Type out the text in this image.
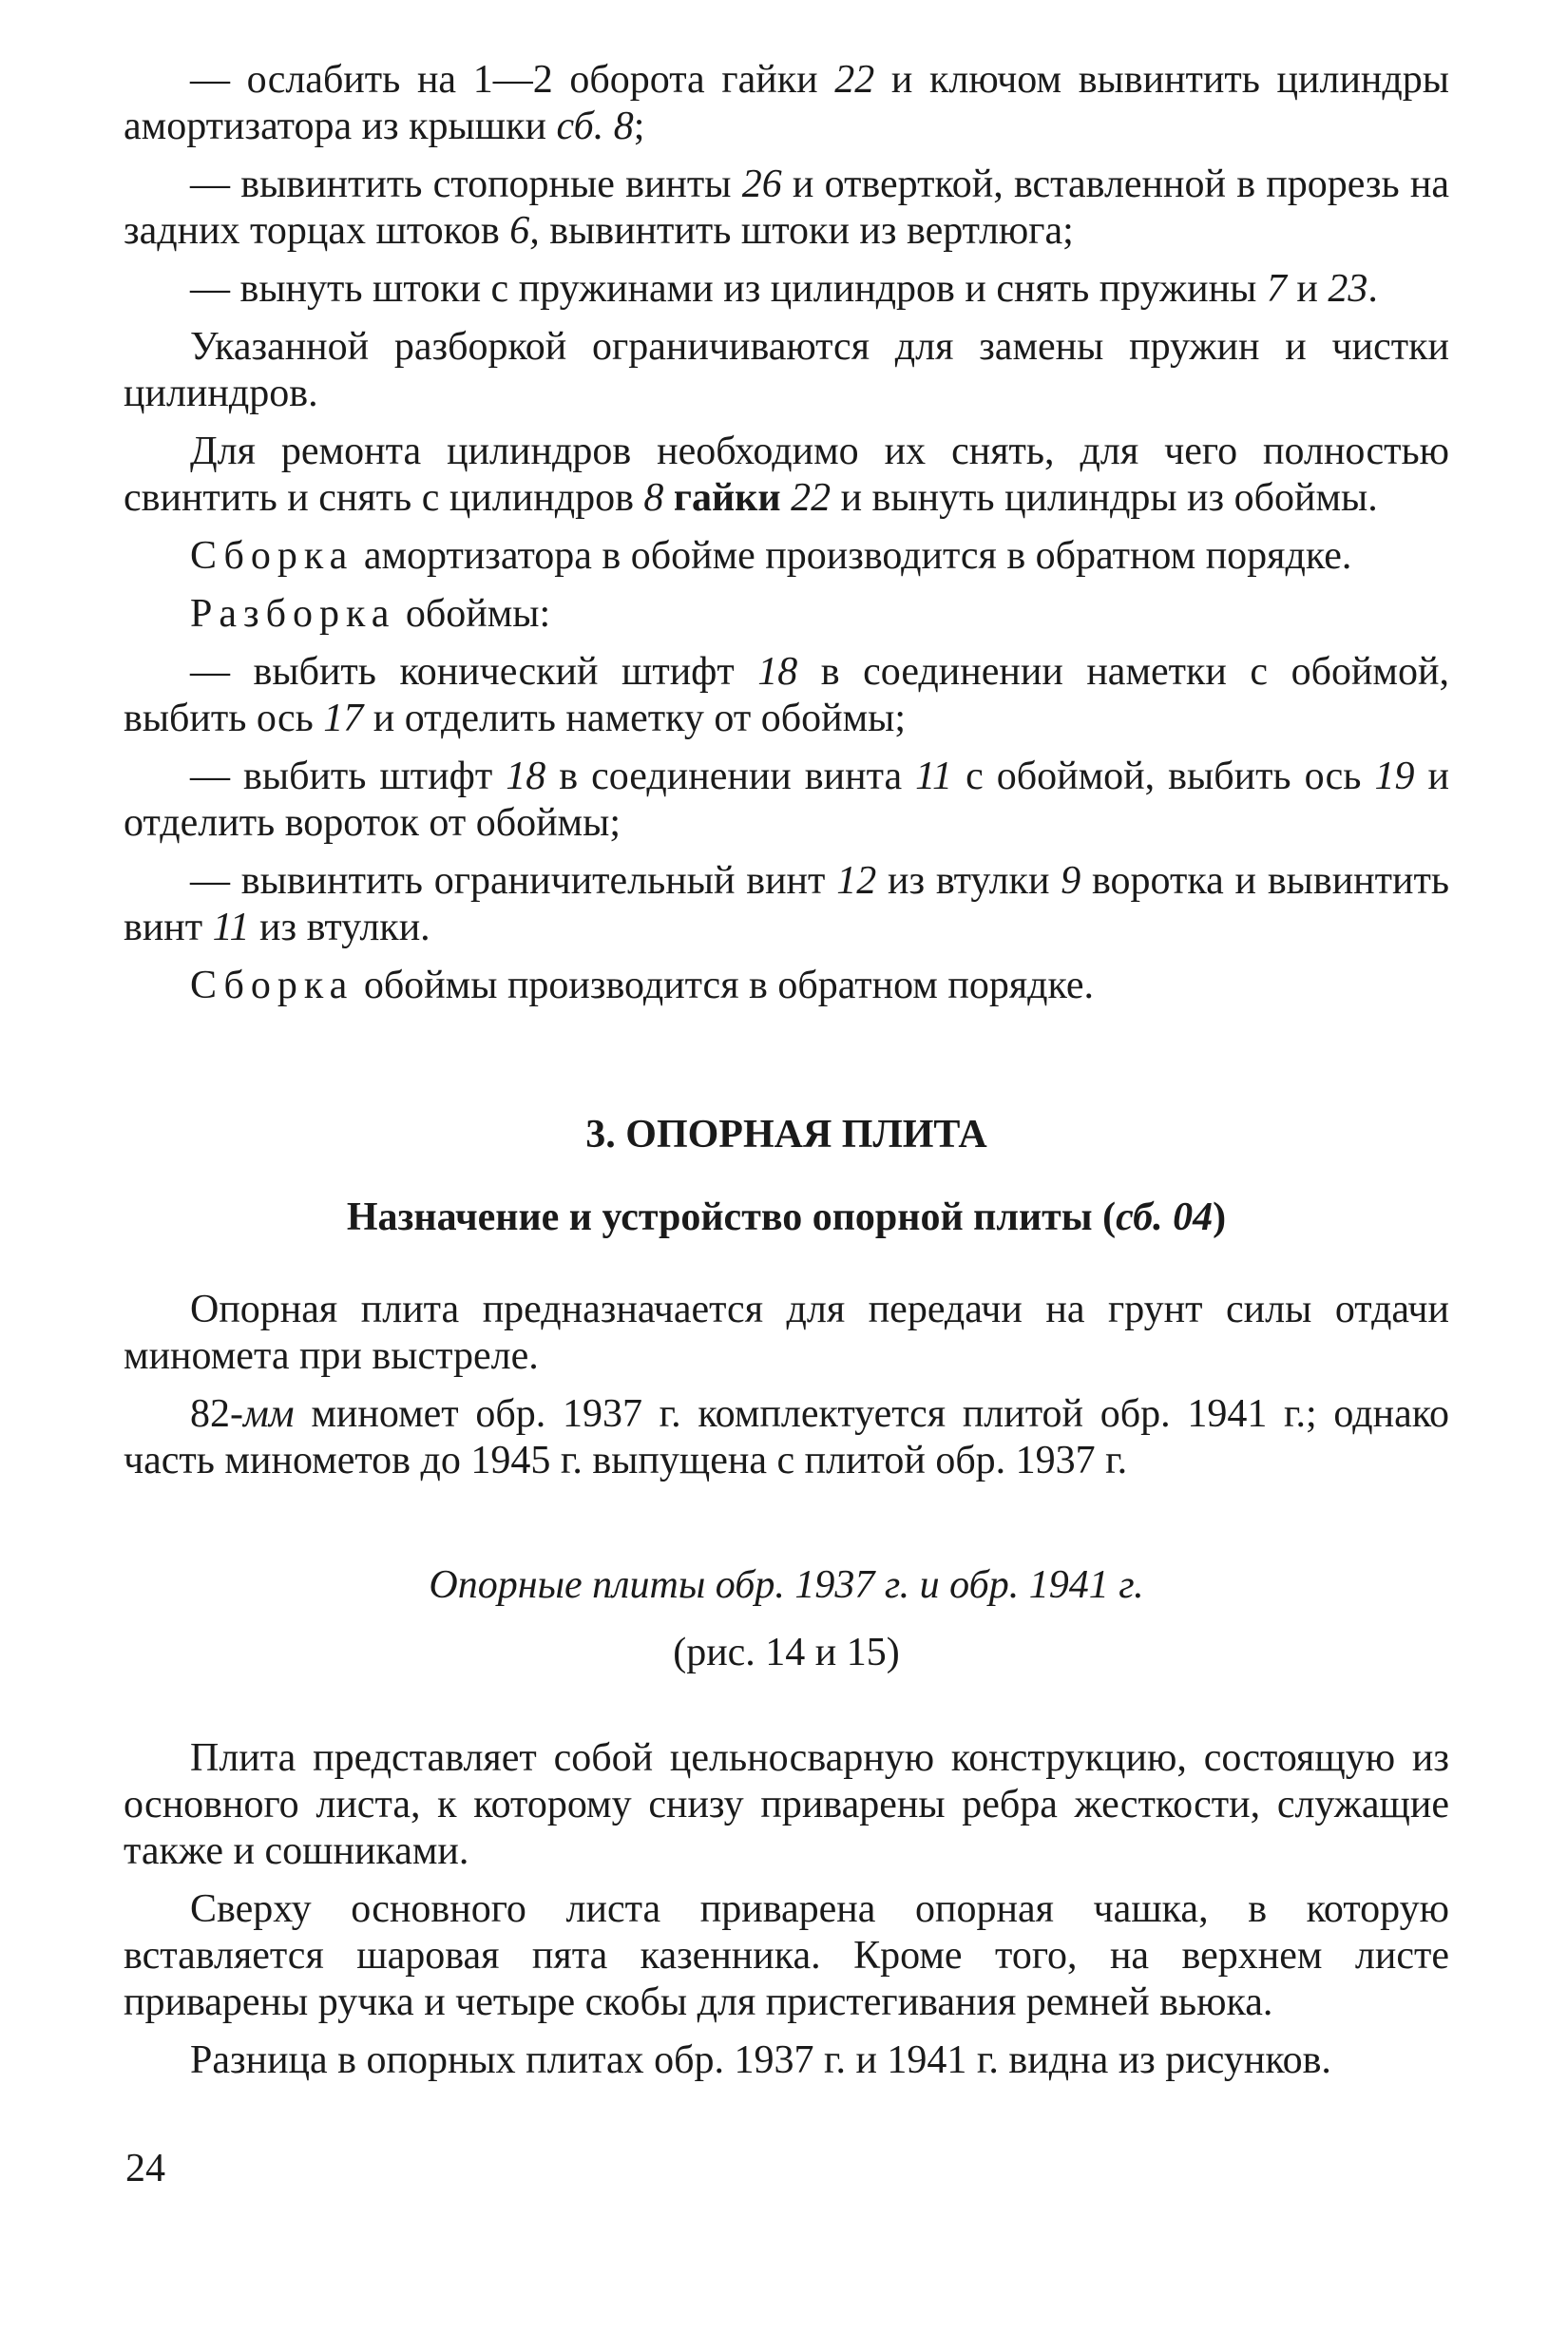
— ослабить на 1—2 оборота гайки 22 и ключом вывинтить цилиндры амортизатора из крышки сб. 8;

— вывинтить стопорные винты 26 и отверткой, вставленной в прорезь на задних торцах штоков 6, вывинтить штоки из вертлюга;

— вынуть штоки с пружинами из цилиндров и снять пружины 7 и 23.

Указанной разборкой ограничиваются для замены пружин и чистки цилиндров.

Для ремонта цилиндров необходимо их снять, для чего полностью свинтить и снять с цилиндров 8 гайки 22 и вынуть цилиндры из обоймы.

Сборка амортизатора в обойме производится в обратном порядке.

Разборка обоймы:

— выбить конический штифт 18 в соединении наметки с обоймой, выбить ось 17 и отделить наметку от обоймы;

— выбить штифт 18 в соединении винта 11 с обоймой, выбить ось 19 и отделить вороток от обоймы;

— вывинтить ограничительный винт 12 из втулки 9 воротка и вывинтить винт 11 из втулки.

Сборка обоймы производится в обратном порядке.

3. ОПОРНАЯ ПЛИТА

Назначение и устройство опорной плиты (сб. 04)

Опорная плита предназначается для передачи на грунт силы отдачи миномета при выстреле.

82-мм миномет обр. 1937 г. комплектуется плитой обр. 1941 г.; однако часть минометов до 1945 г. выпущена с плитой обр. 1937 г.

Опорные плиты обр. 1937 г. и обр. 1941 г.

(рис. 14 и 15)

Плита представляет собой цельносварную конструкцию, состоящую из основного листа, к которому снизу приварены ребра жесткости, служащие также и сошниками.

Сверху основного листа приварена опорная чашка, в которую вставляется шаровая пята казенника. Кроме того, на верхнем листе приварены ручка и четыре скобы для пристегивания ремней вьюка.

Разница в опорных плитах обр. 1937 г. и 1941 г. видна из рисунков.

24
